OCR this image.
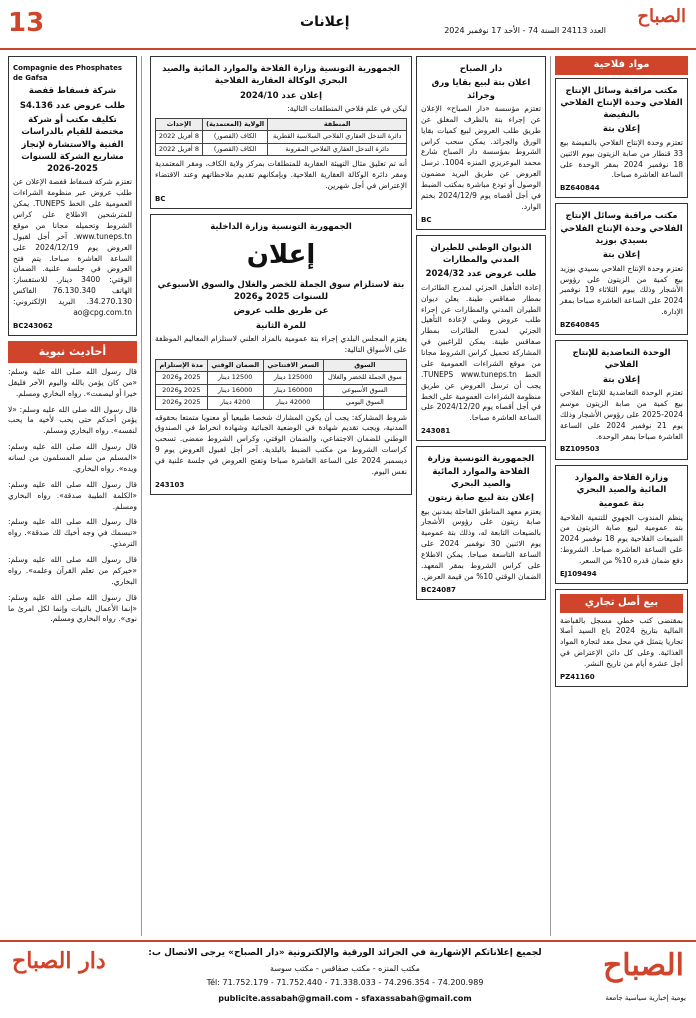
13	إعلانات	الصباح
العدد 24113 السنة 74 - الأحد 17 نوفمبر 2024
مواد فلاحية
مكتب مراقبة وسائل الإنتاج الفلاحي وحدة الإنتاج الفلاحي بالنفيضة
إعلان بتة
تعتزم وحدة الإنتاج الفلاحي بالنفيضة بيع 33 قنطار من صابة الزيتون بيوم الاثنين 18 نوفمبر 2024 بمقر الوحدة على الساعة العاشرة صباحا.
BZ640844
مكتب مراقبة وسائل الإنتاج الفلاحي وحدة الإنتاج الفلاحي بسيدي بوزيد
إعلان بتة
تعتزم وحدة الإنتاج الفلاحي بسيدي بوزيد بيع كمية من الزيتون على رؤوس الأشجار وذلك بيوم الثلاثاء 19 نوفمبر 2024 على الساعة العاشرة صباحا بمقر الإدارة.
BZ640845
الوحدة التعاضدية للإنتاج الفلاحي
إعلان بتة
تعتزم الوحدة التعاضدية للإنتاج الفلاحي بيع كمية من صابة الزيتون موسم 2024-2025 على رؤوس الأشجار وذلك يوم 21 نوفمبر 2024 على الساعة العاشرة صباحا بمقر الوحدة.
BZ109503
وزارة الفلاحة والموارد المائية والصيد البحري
بتة عمومية
ينظم المندوب الجهوي للتنمية الفلاحية بتة عمومية لبيع صابة الزيتون من الضيعات الفلاحية يوم 18 نوفمبر 2024 على الساعة العاشرة صباحا. الشروط: دفع ضمان قدره 10% من السعر.
EJ109494
بيع أصل تجاري
بمقتضى كتب خطي مسجل بالقباضة المالية بتاريخ 2024 باع السيد أصلا تجاريا يتمثل في محل معد لتجارة المواد الغذائية. وعلى كل دائن الإعتراض في أجل عشرة أيام من تاريخ النشر.
PZ41160
دار الصباح
اعلان بتة لبيع بقايا ورق وجرائد
تعتزم مؤسسة «دار الصباح» الإعلان عن إجراء بتة بالظرف المغلق عن طريق طلب العروض لبيع كميات بقايا الورق والجرائد. يمكن سحب كراس الشروط بمؤسسة دار الصباح شارع محمد البوعزيزي المنزه 1004. ترسل العروض عن طريق البريد مضمون الوصول أو تودع مباشرة بمكتب الضبط في أجل أقصاه يوم 2024/12/9 بختم الوارد.
BC
الديوان الوطني للطيران المدني والمطارات
طلب عروض عدد 2024/32
إعادة التأهيل الجزئي لمدرج الطائرات بمطار صفاقس طينة. يعلن ديوان الطيران المدني والمطارات عن إجراء طلب عروض وطني لإعادة التأهيل الجزئي لمدرج الطائرات بمطار صفاقس طينة. يمكن للراغبين في المشاركة تحميل كراس الشروط مجانا من موقع الشراءات العمومية على الخط TUNEPS www.tuneps.tn. يجب أن ترسل العروض عن طريق منظومة الشراءات العمومية على الخط في أجل أقصاه يوم 2024/12/20 على الساعة العاشرة صباحا.
243081
الجمهورية التونسية وزارة الفلاحة والموارد المائية والصيد البحري
إعلان بتة لبيع صابة زيتون
يعتزم معهد المناطق القاحلة بمدنين بيع صابة زيتون على رؤوس الأشجار بالضيعات التابعة له، وذلك بتة عمومية يوم الاثنين 30 نوفمبر 2024 على الساعة التاسعة صباحا. يمكن الاطلاع على كراس الشروط بمقر المعهد. الضمان الوقتي 10% من قيمة العرض.
BC24087
الجمهورية التونسية وزارة الفلاحة والموارد المائية والصيد البحري الوكالة العقارية الفلاحية
إعلان عدد 2024/10
ليكن في علم فلاحي المتطلقات التالية:
المنطقة	الولاية (المعتمدية)	الإحداث
دائرة التدخل العقاري الفلاحي السلاسية القطرية	الكاف (القصور)	8 أفريل 2022
دائرة التدخل العقاري الفلاحي المقرونة	الكاف (القصور)	8 أفريل 2022
أنه تم تعليق مثال التهيئة العقارية للمتطلقات بمركز ولاية الكاف، ومقر المعتمدية ومقر دائرة الوكالة العقارية الفلاحية. وبإمكانهم تقديم ملاحظاتهم وعند الاقتضاء الإعتراض في أجل شهرين.
BC
الجمهورية التونسية وزارة الداخلية
إعلان
بتة لاستلزام سوق الجملة للخضر والغلال والسوق الأسبوعي للسنوات 2025 و2026
عن طريق طلب عروض
للمرة الثانية
يعتزم المجلس البلدي إجراء بتة عمومية بالمزاد العلني لاستلزام المعاليم الموظفة على الأسواق التالية:
السوق	السعر الافتتاحي	الضمان الوقتي	مدة الإستلزام
سوق الجملة للخضر والغلال	125000 دينار	12500 دينار	2025 و2026
السوق الأسبوعي	160000 دينار	16000 دينار	2025 و2026
السوق اليومي	42000 دينار	4200 دينار	2025 و2026
شروط المشاركة: يجب أن يكون المشارك شخصا طبيعيا أو معنويا متمتعا بحقوقه المدنية، ويجب تقديم شهادة في الوضعية الجبائية وشهادة انخراط في الصندوق الوطني للضمان الاجتماعي، والضمان الوقتي، وكراس الشروط ممضى. تسحب كراسات الشروط من مكتب الضبط بالبلدية. آخر أجل لقبول العروض يوم 9 ديسمبر 2024 على الساعة العاشرة صباحا وتفتح العروض في جلسة علنية في نفس اليوم.
243103
Compagnie des Phosphates de Gafsa
شركة فسفاط قفصة
طلب عروض عدد S4.136
تكليف مكتب أو شركة مختصة للقيام بالدراسات الفنية والاستشارة لإنجاز مشاريع الشركة للسنوات 2025-2026
تعتزم شركة فسفاط قفصة الإعلان عن طلب عروض عبر منظومة الشراءات العمومية على الخط TUNEPS. يمكن للمترشحين الاطلاع على كراس الشروط وتحميله مجانا من موقع www.tuneps.tn. آخر أجل لقبول العروض يوم 2024/12/19 على الساعة العاشرة صباحا. يتم فتح العروض في جلسة علنية. الضمان الوقتي: 3400 دينار. للاستفسار: الهاتف 76.130.340 الفاكس 34.270.130. البريد الإلكتروني: ao@cpg.com.tn
BC243062
أحاديث نبوية

قال رسول الله صلى الله عليه وسلم: «من كان يؤمن بالله واليوم الآخر فليقل خيرا أو ليصمت». رواه البخاري ومسلم.

قال رسول الله صلى الله عليه وسلم: «لا يؤمن أحدكم حتى يحب لأخيه ما يحب لنفسه». رواه البخاري ومسلم.

قال رسول الله صلى الله عليه وسلم: «المسلم من سلم المسلمون من لسانه ويده». رواه البخاري.

قال رسول الله صلى الله عليه وسلم: «الكلمة الطيبة صدقة». رواه البخاري ومسلم.

قال رسول الله صلى الله عليه وسلم: «تبسمك في وجه أخيك لك صدقة». رواه الترمذي.

قال رسول الله صلى الله عليه وسلم: «خيركم من تعلم القرآن وعلمه». رواه البخاري.

قال رسول الله صلى الله عليه وسلم: «إنما الأعمال بالنيات وإنما لكل امرئ ما نوى». رواه البخاري ومسلم.

الصباح
دار الصباح	لجميع إعلاناتكم الإشهارية في الجرائد الورقية والإلكترونية «دار الصباح» يرجى الاتصال ب:
مكتب المنزه - مكتب صفاقس - مكتب سوسة
Tél: 71.752.179 - 71.752.440 - 71.338.033 - 74.296.354 - 74.200.989
publicite.assabah@gmail.com - sfaxassabah@gmail.com	يومية إخبارية سياسية جامعة
